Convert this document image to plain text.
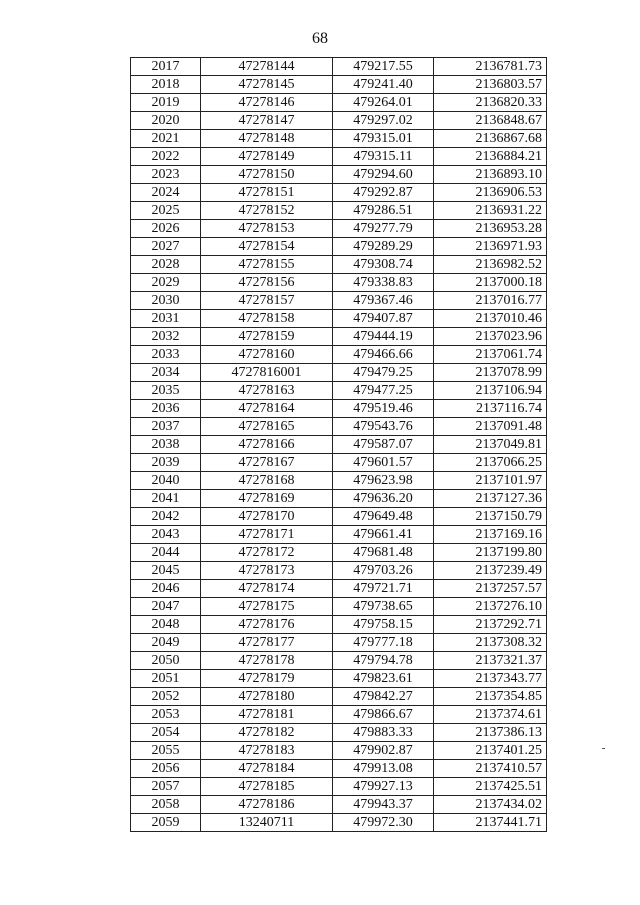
68
2017	47278144	479217.55	2136781.73
2018	47278145	479241.40	2136803.57
2019	47278146	479264.01	2136820.33
2020	47278147	479297.02	2136848.67
2021	47278148	479315.01	2136867.68
2022	47278149	479315.11	2136884.21
2023	47278150	479294.60	2136893.10
2024	47278151	479292.87	2136906.53
2025	47278152	479286.51	2136931.22
2026	47278153	479277.79	2136953.28
2027	47278154	479289.29	2136971.93
2028	47278155	479308.74	2136982.52
2029	47278156	479338.83	2137000.18
2030	47278157	479367.46	2137016.77
2031	47278158	479407.87	2137010.46
2032	47278159	479444.19	2137023.96
2033	47278160	479466.66	2137061.74
2034	4727816001	479479.25	2137078.99
2035	47278163	479477.25	2137106.94
2036	47278164	479519.46	2137116.74
2037	47278165	479543.76	2137091.48
2038	47278166	479587.07	2137049.81
2039	47278167	479601.57	2137066.25
2040	47278168	479623.98	2137101.97
2041	47278169	479636.20	2137127.36
2042	47278170	479649.48	2137150.79
2043	47278171	479661.41	2137169.16
2044	47278172	479681.48	2137199.80
2045	47278173	479703.26	2137239.49
2046	47278174	479721.71	2137257.57
2047	47278175	479738.65	2137276.10
2048	47278176	479758.15	2137292.71
2049	47278177	479777.18	2137308.32
2050	47278178	479794.78	2137321.37
2051	47278179	479823.61	2137343.77
2052	47278180	479842.27	2137354.85
2053	47278181	479866.67	2137374.61
2054	47278182	479883.33	2137386.13
2055	47278183	479902.87	2137401.25
2056	47278184	479913.08	2137410.57
2057	47278185	479927.13	2137425.51
2058	47278186	479943.37	2137434.02
2059	13240711	479972.30	2137441.71
